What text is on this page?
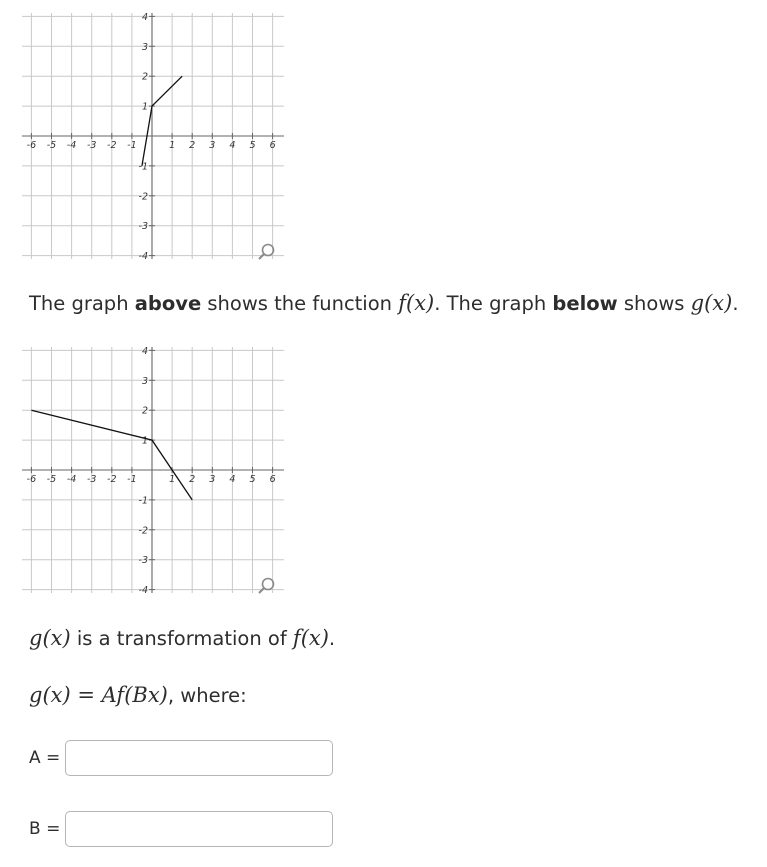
-6 -5 -4 -3 -2 -1	1 2 3 4 5 6
4
3
2
1
-1
-2
-3
-4

The graph above shows the function f(x). The graph below shows g(x).

-6 -5 -4 -3 -2 -1	1 2 3 4 5 6
4
3
2
1
-1
-2
-3
-4

g(x) is a transformation of f(x).

g(x) = Af(Bx), where:

A =
B =
